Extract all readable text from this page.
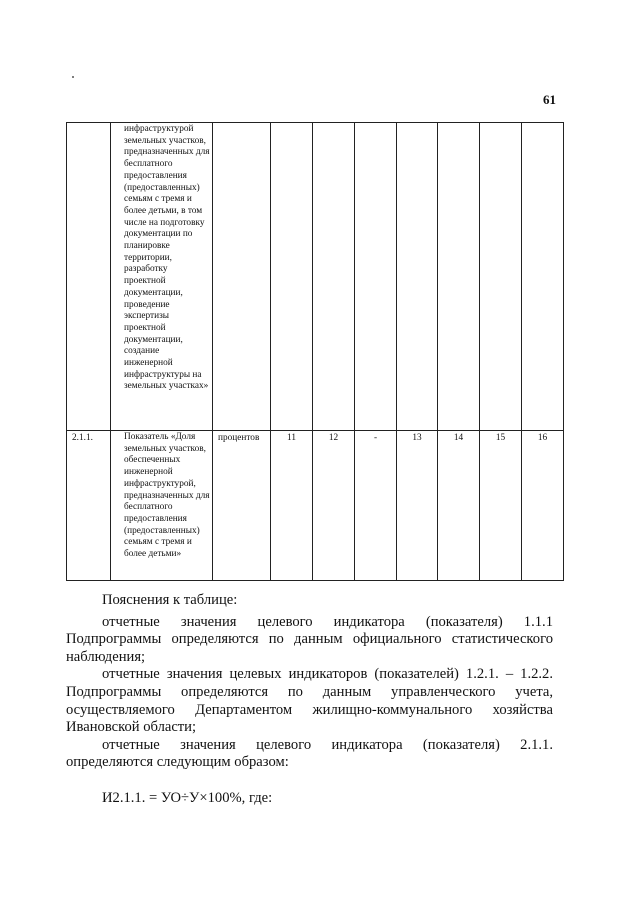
61
	инфраструктурой земельных участков, предназначенных для бесплатного предоставления (предоставленных) семьям с тремя и более детьми, в том числе на подготовку документации по планировке территории, разработку проектной документации, проведение экспертизы проектной документации, создание инженерной инфраструктуры на земельных участках»								
2.1.1.	Показатель «Доля земельных участков, обеспеченных инженерной инфраструктурой, предназначенных для бесплатного предоставления (предоставленных) семьям с тремя и более детьми»	процентов	11	12	-	13	14	15	16

Пояснения к таблице:

отчетные значения целевого индикатора (показателя) 1.1.1

Подпрограммы определяются по данным официального статистического наблюдения;

отчетные значения целевых индикаторов (показателей) 1.2.1. – 1.2.2.

Подпрограммы определяются по данным управленческого учета, осуществляемого Департаментом жилищно-коммунального хозяйства Ивановской области;

отчетные значения целевого индикатора (показателя) 2.1.1.

определяются следующим образом:

И2.1.1. = УО÷У×100%, где:
